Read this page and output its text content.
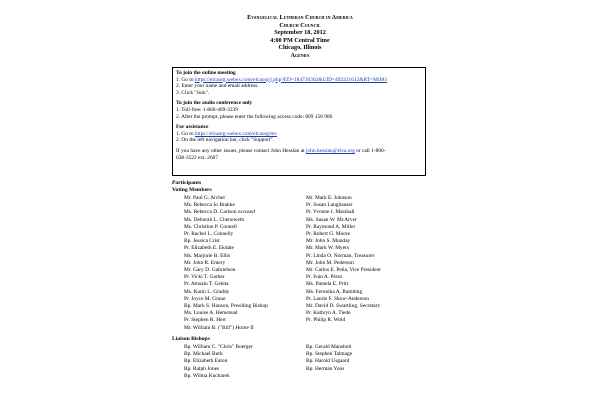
Evangelical Lutheran Church in America
Church Council
September 18, 2012
4:00 PM Central Time
Chicago, Illinois
Agenda
To join the online meeting
1. Go to https://elcaorg.webex.com/elcaorg/j.php?ED=184730302&UID=492221612&RT=MiM3
2. Enter your name and email address.
3. Click "Join".
To join the audio conference only
1. Toll-free: 1-866-469-3239
2. After the prompt, please enter the following access code: 809 156 906
For assistance
1. Go to https://elcaorg.webex.com/elcaorg/mc
2. On the left navigation bar, click "Support".
If you have any other issues, please contact John Hessian at john.hessian@elca.org or call 1-800-
638-3522 ext. 2607
Participants
Voting Members
Mr. Paul G. Archer
Ms. Rebecca Jo Brakke
Ms. Rebecca D. Carlson excused
Ms. Deborah L. Chenoweth
Ms. Christine P. Connell
Pr. Rachel L. Connelly
Bp. Jessica Crist
Pr. Elizabeth E. Ekdale
Ms. Marjorie B. Ellis
Mr. John R. Emery
Mr. Gary D. Gabrielson
Pr. Vicki T. Garber
Pr. Amsalu T. Geleta
Ms. Karin L. Graddy
Pr. Joyce M. Graue
Bp. Mark S. Hanson, Presiding Bishop
Ms. Louise A. Hemstead
Pr. Stephen R. Herr
Mr. William B. ("Bill") Horne II
Mr. Mark E. Johnson
Pr. Susan Langhauser
Pr. Yvonne I. Marshall
Ms. Susan W. McArver
Pr. Raymond A. Miller
Pr. Robert G. Moore
Mr. John S. Munday
Mr. Mark W. Myers
Pr. Linda O. Norman, Treasurer
Mr. John M. Pederson
Mr. Carlos E. Peña, Vice President
Pr. Iván A. Pérez
Ms. Pamela E. Pritt
Ms. Feronika A. Rambing
Pr. Laurie F. Skow-Anderson
Mr. David D. Swartling, Secretary
Pr. Kathryn A. Tiede
Pr. Philip R. Wold
Liaison Bishops
Bp. William C. "Chris" Boerger
Bp. Michael Burk
Bp. Elizabeth Eaton
Bp. Ralph Jones
Bp. Wilma Kucharek
Bp. Gerald Mansholt
Bp. Stephen Talmage
Bp. Harold Usgaard
Bp. Herman Yoos
